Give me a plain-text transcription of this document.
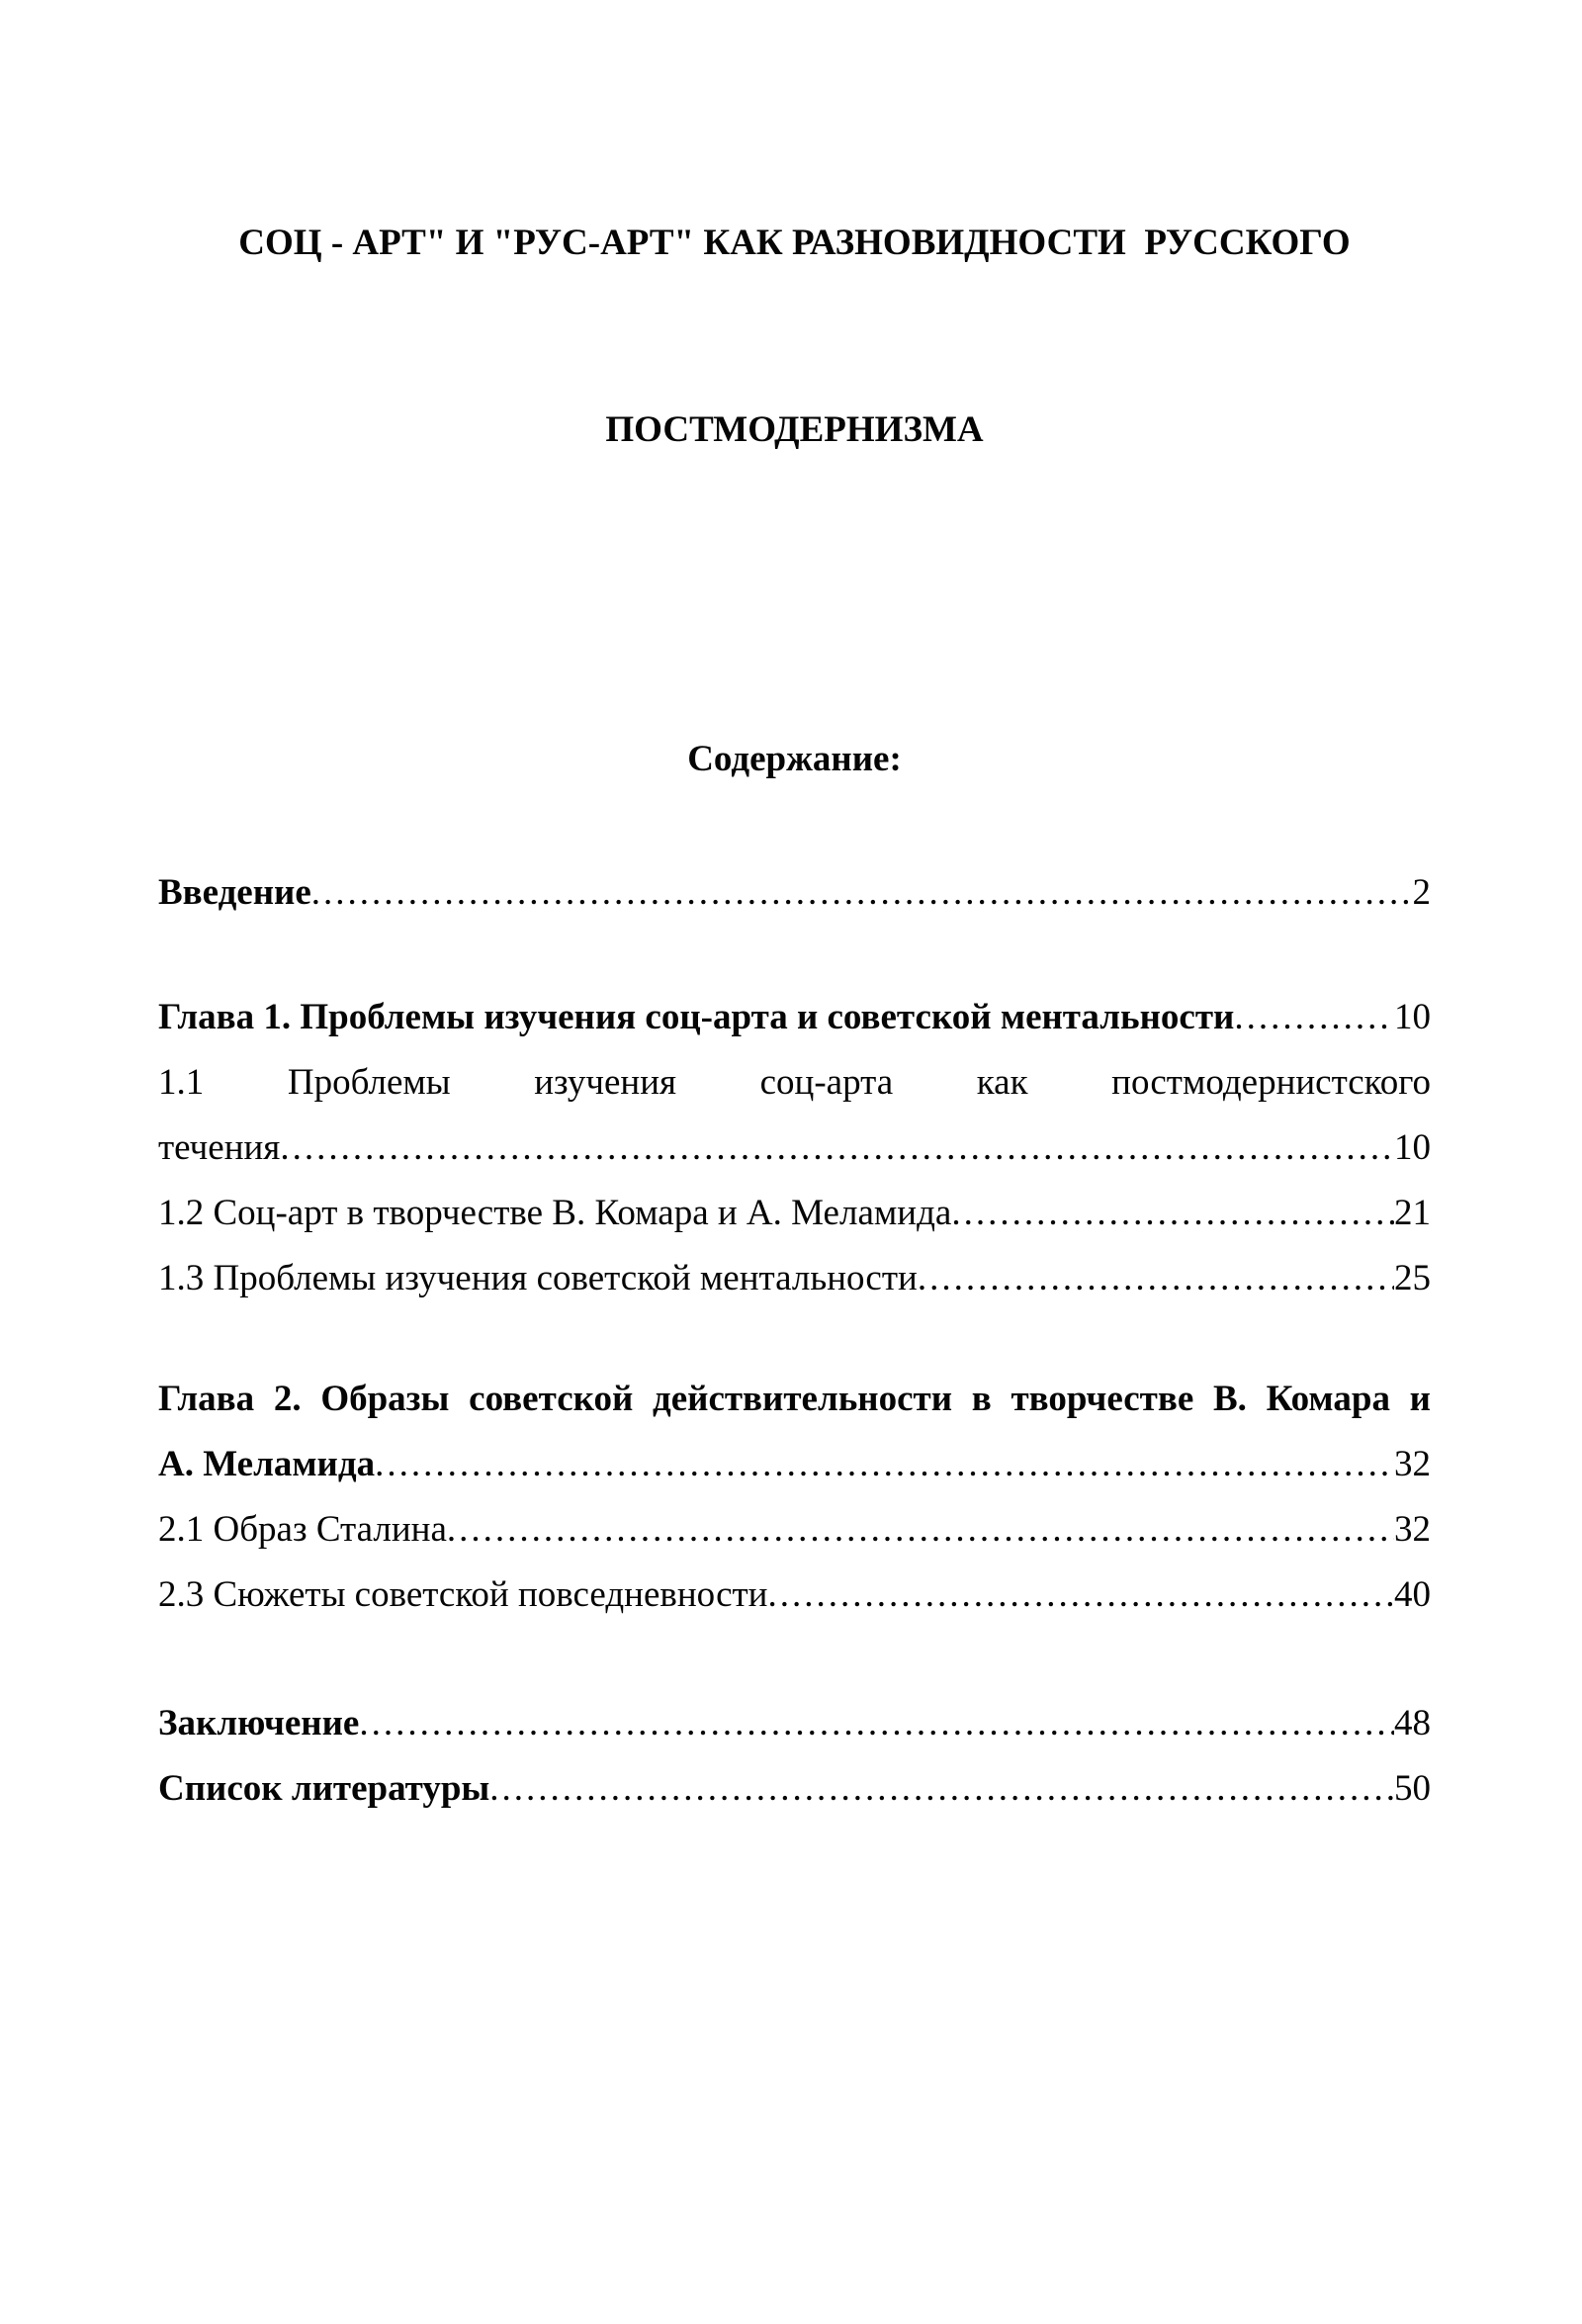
СОЦ - АРТ" И "РУС-АРТ" КАК РАЗНОВИДНОСТИ  РУССКОГО

ПОСТМОДЕРНИЗМА

Содержание:
Введение .....	2
Глава 1. Проблемы изучения соц-арта и советской ментальности .....	10
1.1 Проблемы изучения соц-арта как постмодернистского
течения .....	10
1.2 Соц-арт в творчестве В. Комара и А. Меламида .....	21
1.3 Проблемы изучения советской ментальности .....	25
Глава 2. Образы советской действительности в творчестве В. Комара и
А. Меламида .....	32
2.1 Образ Сталина .....	32
2.3 Сюжеты советской повседневности .....	40
Заключение .....	48
Список литературы .....	50
